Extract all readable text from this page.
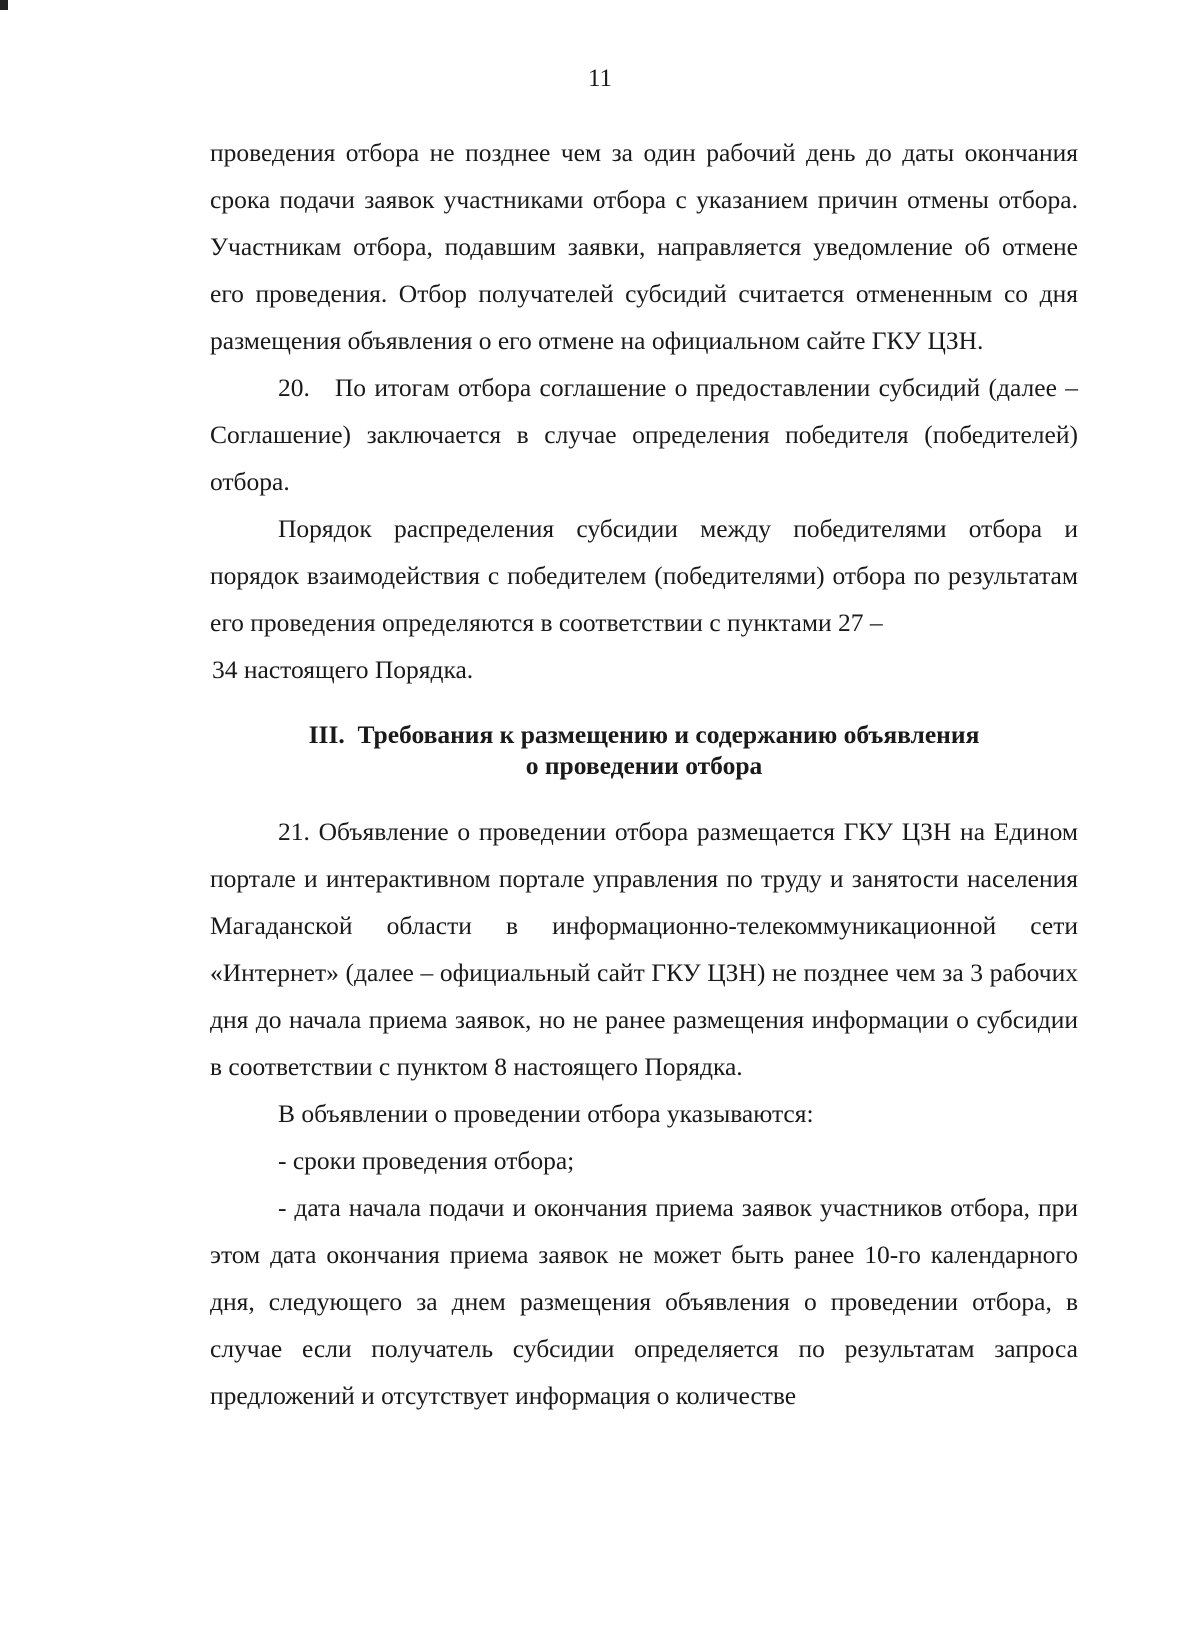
11

проведения отбора не позднее чем за один рабочий день до даты окончания срока подачи заявок участниками отбора с указанием причин отмены отбора. Участникам отбора, подавшим заявки, направляется уведомление об отмене его проведения. Отбор получателей субсидий считается отмененным со дня размещения объявления о его отмене на официальном сайте ГКУ ЦЗН.

20.   По итогам отбора соглашение о предоставлении субсидий (далее – Соглашение) заключается в случае определения победителя (победителей) отбора.

Порядок распределения субсидии между победителями отбора и порядок взаимодействия с победителем (победителями) отбора по результатам его проведения определяются в соответствии с пунктами 27 –

34 настоящего Порядка.

III.  Требования к размещению и содержанию объявления
о проведении отбора

21. Объявление о проведении отбора размещается ГКУ ЦЗН на Едином портале и интерактивном портале управления по труду и занятости населения Магаданской области в информационно-телекоммуникационной сети «Интернет» (далее – официальный сайт ГКУ ЦЗН) не позднее чем за 3 рабочих дня до начала приема заявок, но не ранее размещения информации о субсидии в соответствии с пунктом 8 настоящего Порядка.

В объявлении о проведении отбора указываются:

- сроки проведения отбора;

- дата начала подачи и окончания приема заявок участников отбора, при этом дата окончания приема заявок не может быть ранее 10-го календарного дня, следующего за днем размещения объявления о проведении отбора, в случае если получатель субсидии определяется по результатам запроса предложений и отсутствует информация о количестве
